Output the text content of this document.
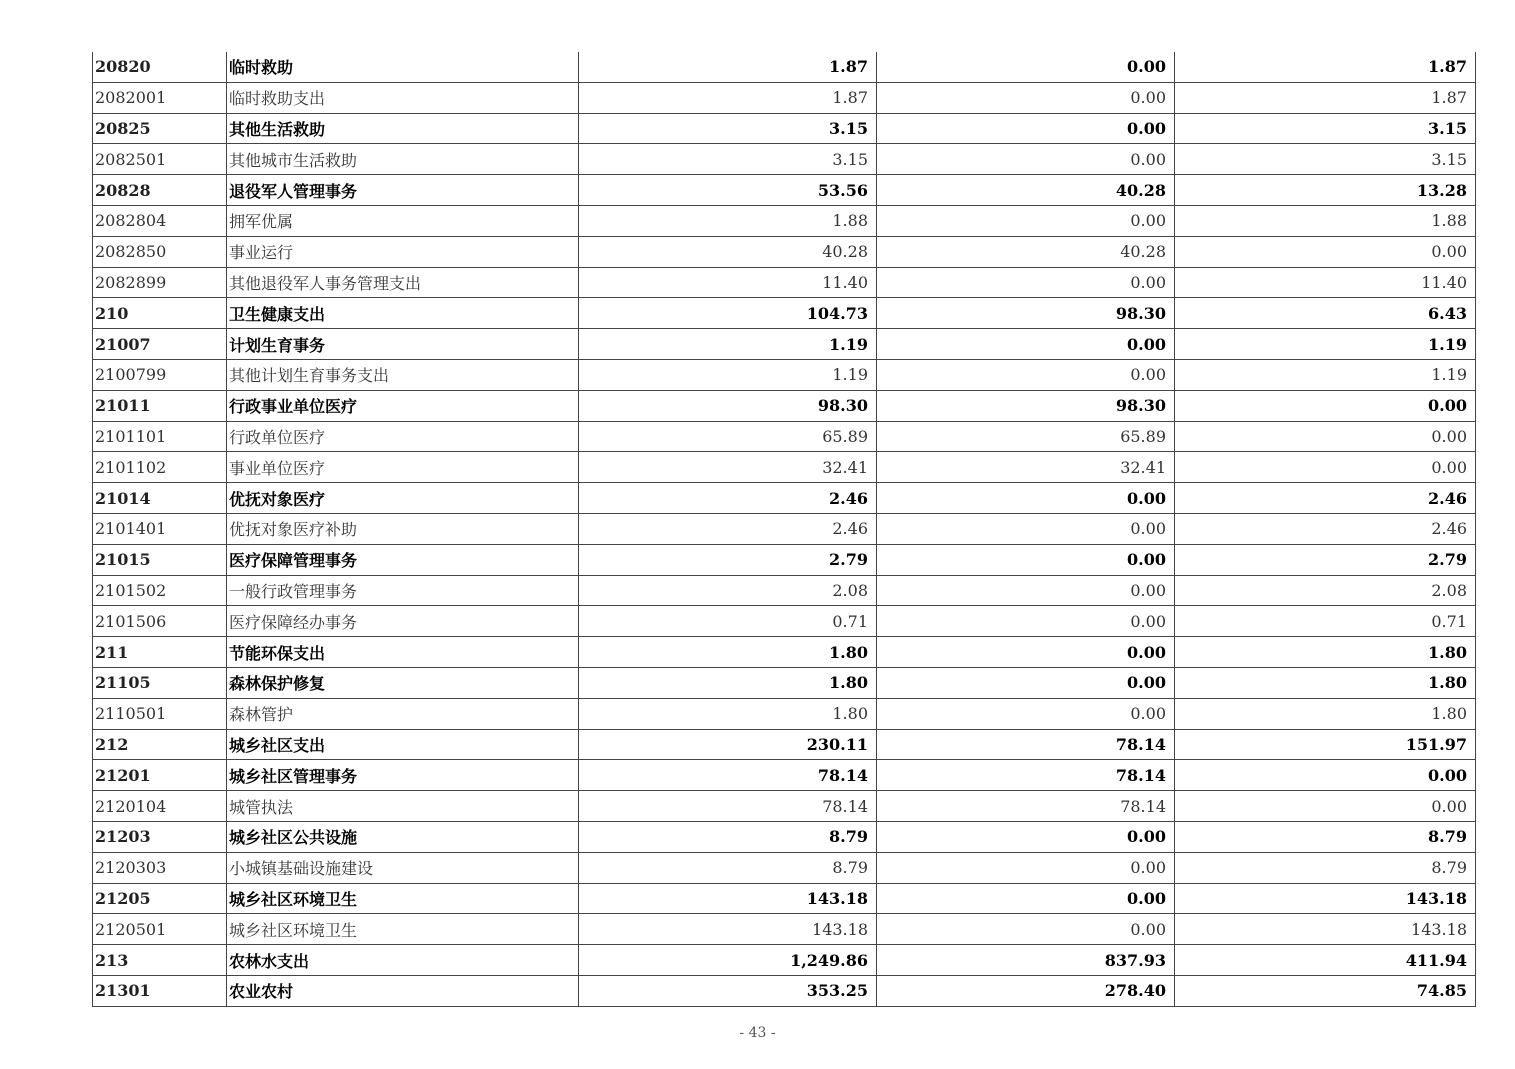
20820	临时救助	1.87	0.00	1.87
2082001	临时救助支出	1.87	0.00	1.87
20825	其他生活救助	3.15	0.00	3.15
2082501	其他城市生活救助	3.15	0.00	3.15
20828	退役军人管理事务	53.56	40.28	13.28
2082804	拥军优属	1.88	0.00	1.88
2082850	事业运行	40.28	40.28	0.00
2082899	其他退役军人事务管理支出	11.40	0.00	11.40
210	卫生健康支出	104.73	98.30	6.43
21007	计划生育事务	1.19	0.00	1.19
2100799	其他计划生育事务支出	1.19	0.00	1.19
21011	行政事业单位医疗	98.30	98.30	0.00
2101101	行政单位医疗	65.89	65.89	0.00
2101102	事业单位医疗	32.41	32.41	0.00
21014	优抚对象医疗	2.46	0.00	2.46
2101401	优抚对象医疗补助	2.46	0.00	2.46
21015	医疗保障管理事务	2.79	0.00	2.79
2101502	一般行政管理事务	2.08	0.00	2.08
2101506	医疗保障经办事务	0.71	0.00	0.71
211	节能环保支出	1.80	0.00	1.80
21105	森林保护修复	1.80	0.00	1.80
2110501	森林管护	1.80	0.00	1.80
212	城乡社区支出	230.11	78.14	151.97
21201	城乡社区管理事务	78.14	78.14	0.00
2120104	城管执法	78.14	78.14	0.00
21203	城乡社区公共设施	8.79	0.00	8.79
2120303	小城镇基础设施建设	8.79	0.00	8.79
21205	城乡社区环境卫生	143.18	0.00	143.18
2120501	城乡社区环境卫生	143.18	0.00	143.18
213	农林水支出	1,249.86	837.93	411.94
21301	农业农村	353.25	278.40	74.85
- 43 -
